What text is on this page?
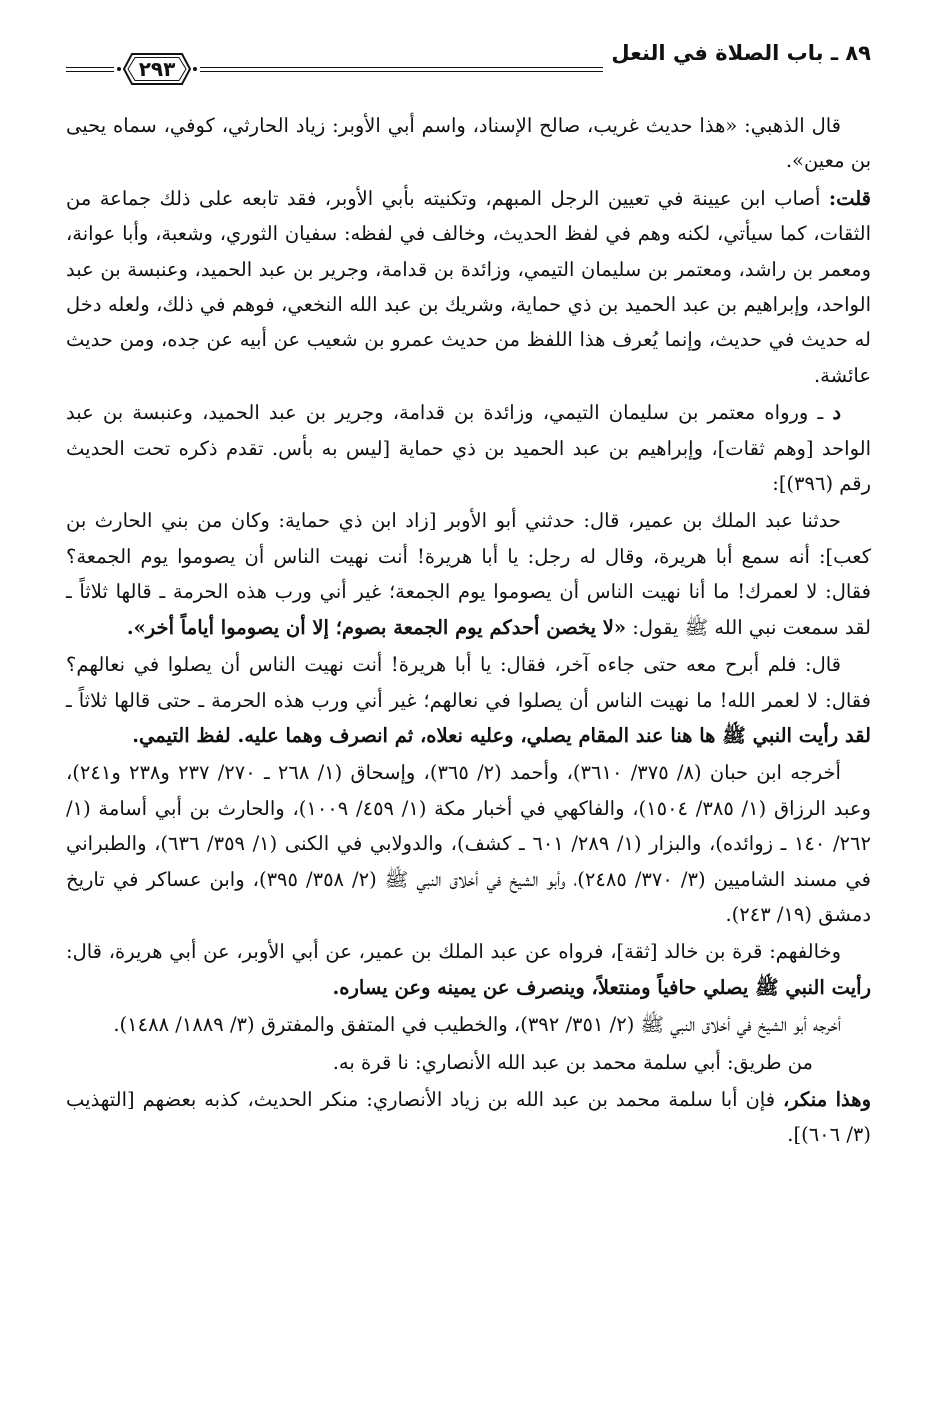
٨٩ ـ باب الصلاة في النعل
٢٩٣

قال الذهبي: «هذا حديث غريب، صالح الإسناد، واسم أبي الأوبر: زياد الحارثي، كوفي، سماه يحيى بن معين».

قلت: أصاب ابن عيينة في تعيين الرجل المبهم، وتكنيته بأبي الأوبر، فقد تابعه على ذلك جماعة من الثقات، كما سيأتي، لكنه وهم في لفظ الحديث، وخالف في لفظه: سفيان الثوري، وشعبة، وأبا عوانة، ومعمر بن راشد، ومعتمر بن سليمان التيمي، وزائدة بن قدامة، وجرير بن عبد الحميد، وعنبسة بن عبد الواحد، وإبراهيم بن عبد الحميد بن ذي حماية، وشريك بن عبد الله النخعي، فوهم في ذلك، ولعله دخل له حديث في حديث، وإنما يُعرف هذا اللفظ من حديث عمرو بن شعيب عن أبيه عن جده، ومن حديث عائشة.

د ـ ورواه معتمر بن سليمان التيمي، وزائدة بن قدامة، وجرير بن عبد الحميد، وعنبسة بن عبد الواحد [وهم ثقات]، وإبراهيم بن عبد الحميد بن ذي حماية [ليس به بأس. تقدم ذكره تحت الحديث رقم (٣٩٦)]:

حدثنا عبد الملك بن عمير، قال: حدثني أبو الأوبر [زاد ابن ذي حماية: وكان من بني الحارث بن كعب]: أنه سمع أبا هريرة، وقال له رجل: يا أبا هريرة! أنت نهيت الناس أن يصوموا يوم الجمعة؟ فقال: لا لعمرك! ما أنا نهيت الناس أن يصوموا يوم الجمعة؛ غير أني ورب هذه الحرمة ـ قالها ثلاثاً ـ لقد سمعت نبي الله ﷺ يقول: «لا يخصن أحدكم يوم الجمعة بصوم؛ إلا أن يصوموا أياماً أخر».

قال: فلم أبرح معه حتى جاءه آخر، فقال: يا أبا هريرة! أنت نهيت الناس أن يصلوا في نعالهم؟ فقال: لا لعمر الله! ما نهيت الناس أن يصلوا في نعالهم؛ غير أني ورب هذه الحرمة ـ حتى قالها ثلاثاً ـ لقد رأيت النبي ﷺ ها هنا عند المقام يصلي، وعليه نعلاه، ثم انصرف وهما عليه. لفظ التيمي.

أخرجه ابن حبان (٨/ ٣٧٥/ ٣٦١٠)، وأحمد (٢/ ٣٦٥)، وإسحاق (١/ ٢٦٨ ـ ٢٧٠/ ٢٣٧ و٢٣٨ و٢٤١)، وعبد الرزاق (١/ ٣٨٥/ ١٥٠٤)، والفاكهي في أخبار مكة (١/ ٤٥٩/ ١٠٠٩)، والحارث بن أبي أسامة (١/ ٢٦٢/ ١٤٠ ـ زوائده)، والبزار (١/ ٢٨٩/ ٦٠١ ـ كشف)، والدولابي في الكنى (١/ ٣٥٩/ ٦٣٦)، والطبراني في مسند الشاميين (٣/ ٣٧٠/ ٢٤٨٥)، وأبو الشيخ في أخلاق النبي ﷺ (٢/ ٣٥٨/ ٣٩٥)، وابن عساكر في تاريخ دمشق (١٩/ ٢٤٣).

وخالفهم: قرة بن خالد [ثقة]، فرواه عن عبد الملك بن عمير، عن أبي الأوبر، عن أبي هريرة، قال: رأيت النبي ﷺ يصلي حافياً ومنتعلاً، وينصرف عن يمينه وعن يساره.

أخرجه أبو الشيخ في أخلاق النبي ﷺ (٢/ ٣٥١/ ٣٩٢)، والخطيب في المتفق والمفترق (٣/ ١٨٨٩/ ١٤٨٨).

من طريق: أبي سلمة محمد بن عبد الله الأنصاري: نا قرة به.

وهذا منكر، فإن أبا سلمة محمد بن عبد الله بن زياد الأنصاري: منكر الحديث، كذبه بعضهم [التهذيب (٣/ ٦٠٦)].
